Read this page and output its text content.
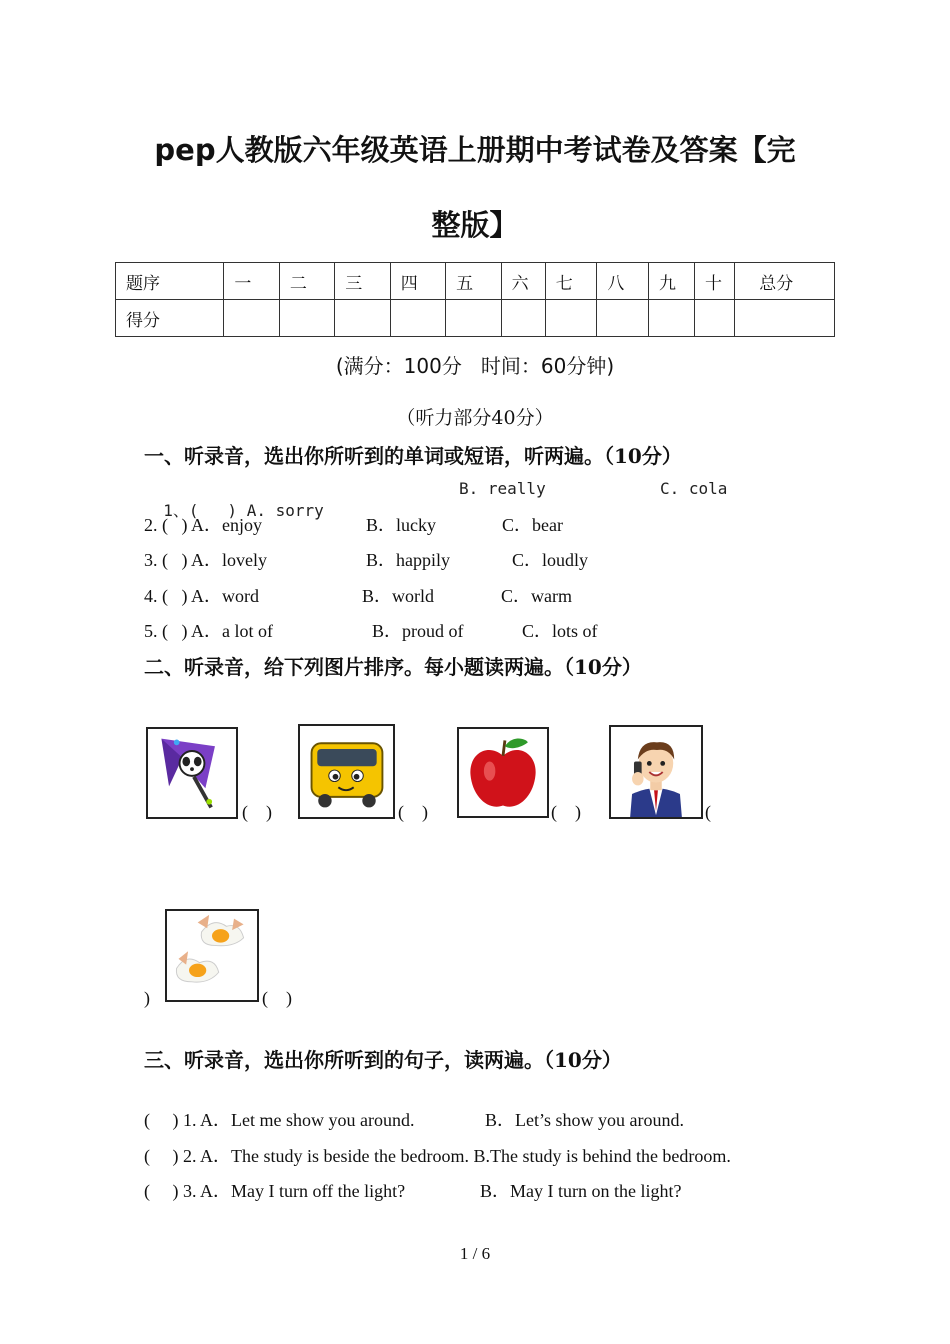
pep人教版六年级英语上册期中考试卷及答案【完
整版】
题序	一	二	三	四	五	六	七	八	九	十	总分
得分											
(满分：100分   时间：60分钟)
（听力部分40分）
一、听录音，选出你所听到的单词或短语，听两遍。（10分）

1、(   ) A. sorry

B. really	C. cola
2. (   ) A．enjoy	B．lucky	C．bear
3. (   ) A．lovely	B．happily	C．loudly
4. (   ) A．word	B．world	C．warm
5. (   ) A．a lot of	B．proud of	C．lots of
二、听录音，给下列图片排序。每小题读两遍。（10分）
(    )	(    )	(    )	(
)	(    )
三、听录音，选出你所听到的句子，读两遍。（10分）
(     ) 1. A．Let me show you around.	B．Let’s show you around.
(     ) 2. A．The study is beside the bedroom. B.The study is behind the bedroom.
(     ) 3. A．May I turn off the light?	B．May I turn on the light?
1 / 6
